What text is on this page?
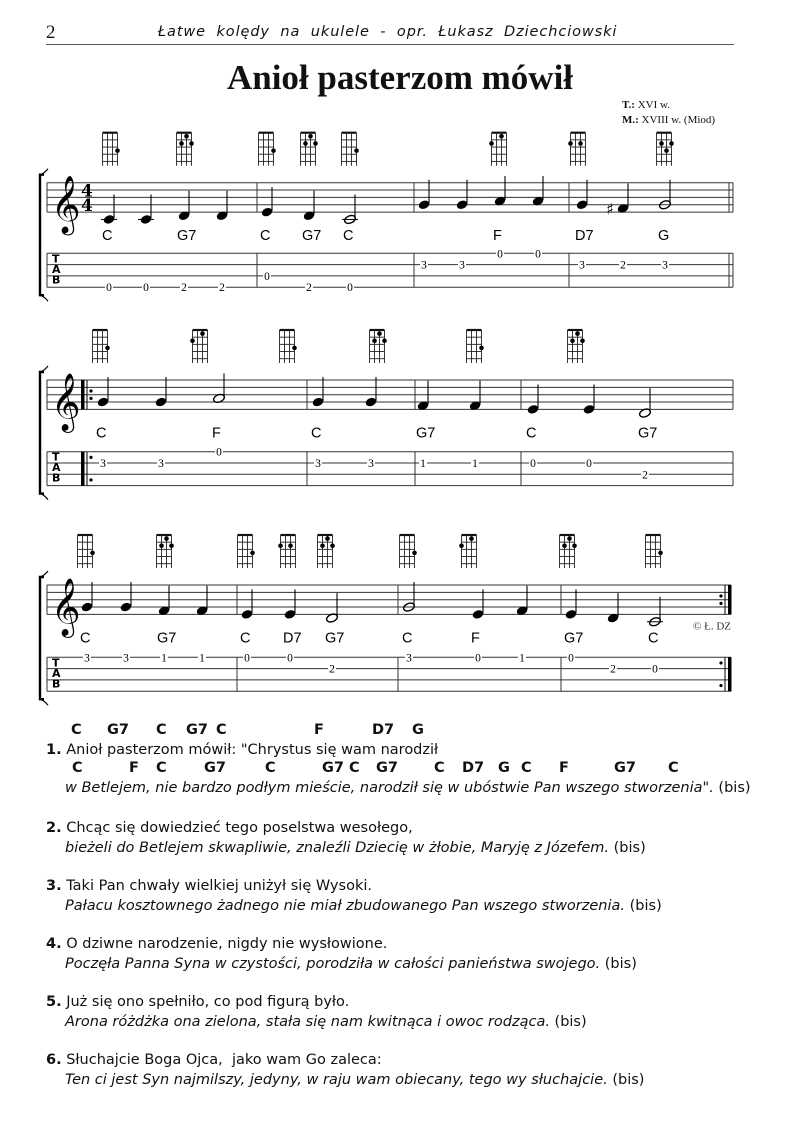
2	Łatwe kolędy na ukulele - opr. Łukasz Dziechciowski
Anioł pasterzom mówił
T.: XVI w.
M.: XVIII w. (Miod)
T
A
B
𝄞 4
4
C
0	0
G7
2	2
C
0
G7
2
C
0
3	3
F
0	0
D7
3
♯
2
G
3
T
A
B
𝄞
C
3	3
F
0
C
3	3
G7
1	1
C
0	0
G7
2
T
A
B
𝄞	© Ł. DZ
C
3	3
G7
1	1
C
0
D7
0
G7
2
C
3
F
0	1
G7
0
2
C
0
C G7 C G7 C	F	D7 G
1. Anioł pasterzom mówił: "Chrystus się wam narodził
C	F C	G7	C	G7 C G7 C D7 G C F	G7 C
w Betlejem, nie bardzo podłym mieście, narodził się w ubóstwie Pan wszego stworzenia". (bis)
2. Chcąc się dowiedzieć tego poselstwa wesołego,
bieżeli do Betlejem skwapliwie, znaleźli Dziecię w żłobie, Maryję z Józefem. (bis)
3. Taki Pan chwały wielkiej uniżył się Wysoki.
Pałacu kosztownego żadnego nie miał zbudowanego Pan wszego stworzenia. (bis)
4. O dziwne narodzenie, nigdy nie wysłowione.
Poczęła Panna Syna w czystości, porodziła w całości panieństwa swojego. (bis)
5. Już się ono spełniło, co pod figurą było.
Arona różdżka ona zielona, stała się nam kwitnąca i owoc rodząca. (bis)
6. Słuchajcie Boga Ojca,  jako wam Go zaleca:
Ten ci jest Syn najmilszy, jedyny, w raju wam obiecany, tego wy słuchajcie. (bis)
